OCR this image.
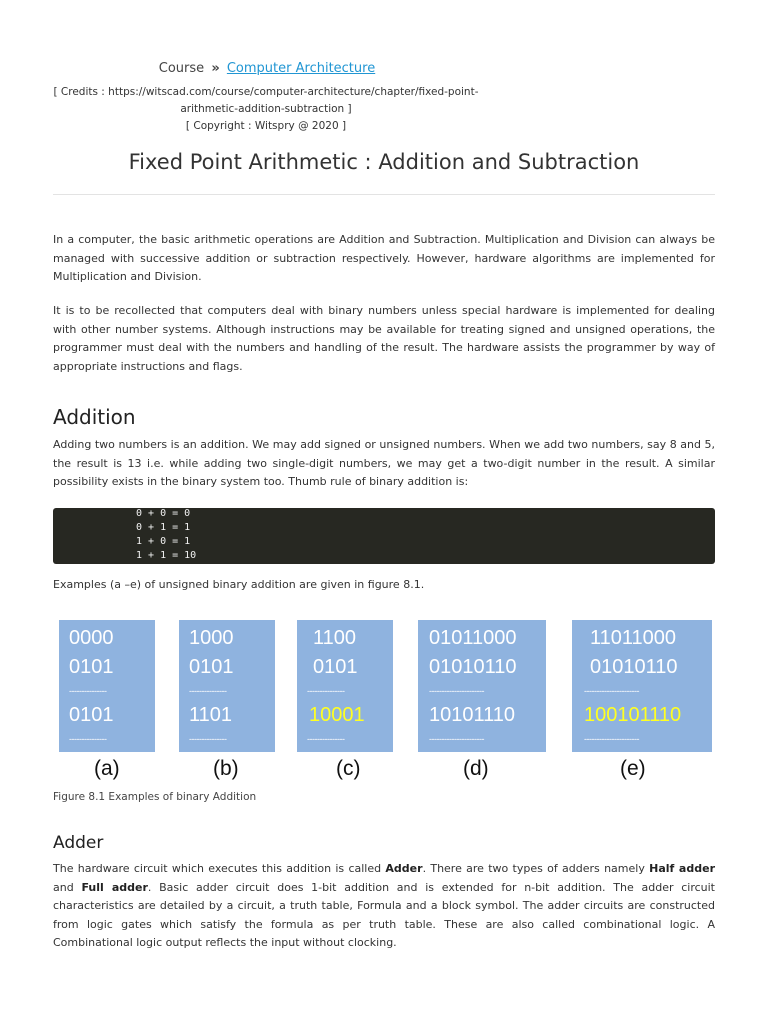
Course » Computer Architecture
[ Credits : https://witscad.com/course/computer-architecture/chapter/fixed-point-
arithmetic-addition-subtraction ]
[ Copyright : Witspry @ 2020 ]
Fixed Point Arithmetic : Addition and Subtraction

In a computer, the basic arithmetic operations are Addition and Subtraction. Multiplication and Division can always be managed with successive addition or subtraction respectively. However, hardware algorithms are implemented for Multiplication and Division.

It is to be recollected that computers deal with binary numbers unless special hardware is implemented for dealing with other number systems. Although instructions may be available for treating signed and unsigned operations, the programmer must deal with the numbers and handling of the result. The hardware assists the programmer by way of appropriate instructions and flags.

Addition

Adding two numbers is an addition. We may add signed or unsigned numbers. When we add two numbers, say 8 and 5, the result is 13 i.e. while adding two single-digit numbers, we may get a two-digit number in the result. A similar possibility exists in the binary system too. Thumb rule of binary addition is:

0 + 0 = 0
0 + 1 = 1
1 + 0 = 1
1 + 1 = 10

Examples (a –e) of unsigned binary addition are given in figure 8.1.

0000
0101
---------------
0101
---------------
1000
0101
---------------
1101
---------------
1100
0101
---------------
10001
---------------
01011000
01010110
----------------------
10101110
----------------------
11011000
01010110
----------------------
100101110
----------------------
(a)	(b)	(c)	(d)	(e)
Figure 8.1 Examples of binary Addition
Adder

The hardware circuit which executes this addition is called Adder. There are two types of adders namely Half adder and Full adder. Basic adder circuit does 1-bit addition and is extended for n-bit addition. The adder circuit characteristics are detailed by a circuit, a truth table, Formula and a block symbol. The adder circuits are constructed from logic gates which satisfy the formula as per truth table. These are also called combinational logic. A Combinational logic output reflects the input without clocking.
